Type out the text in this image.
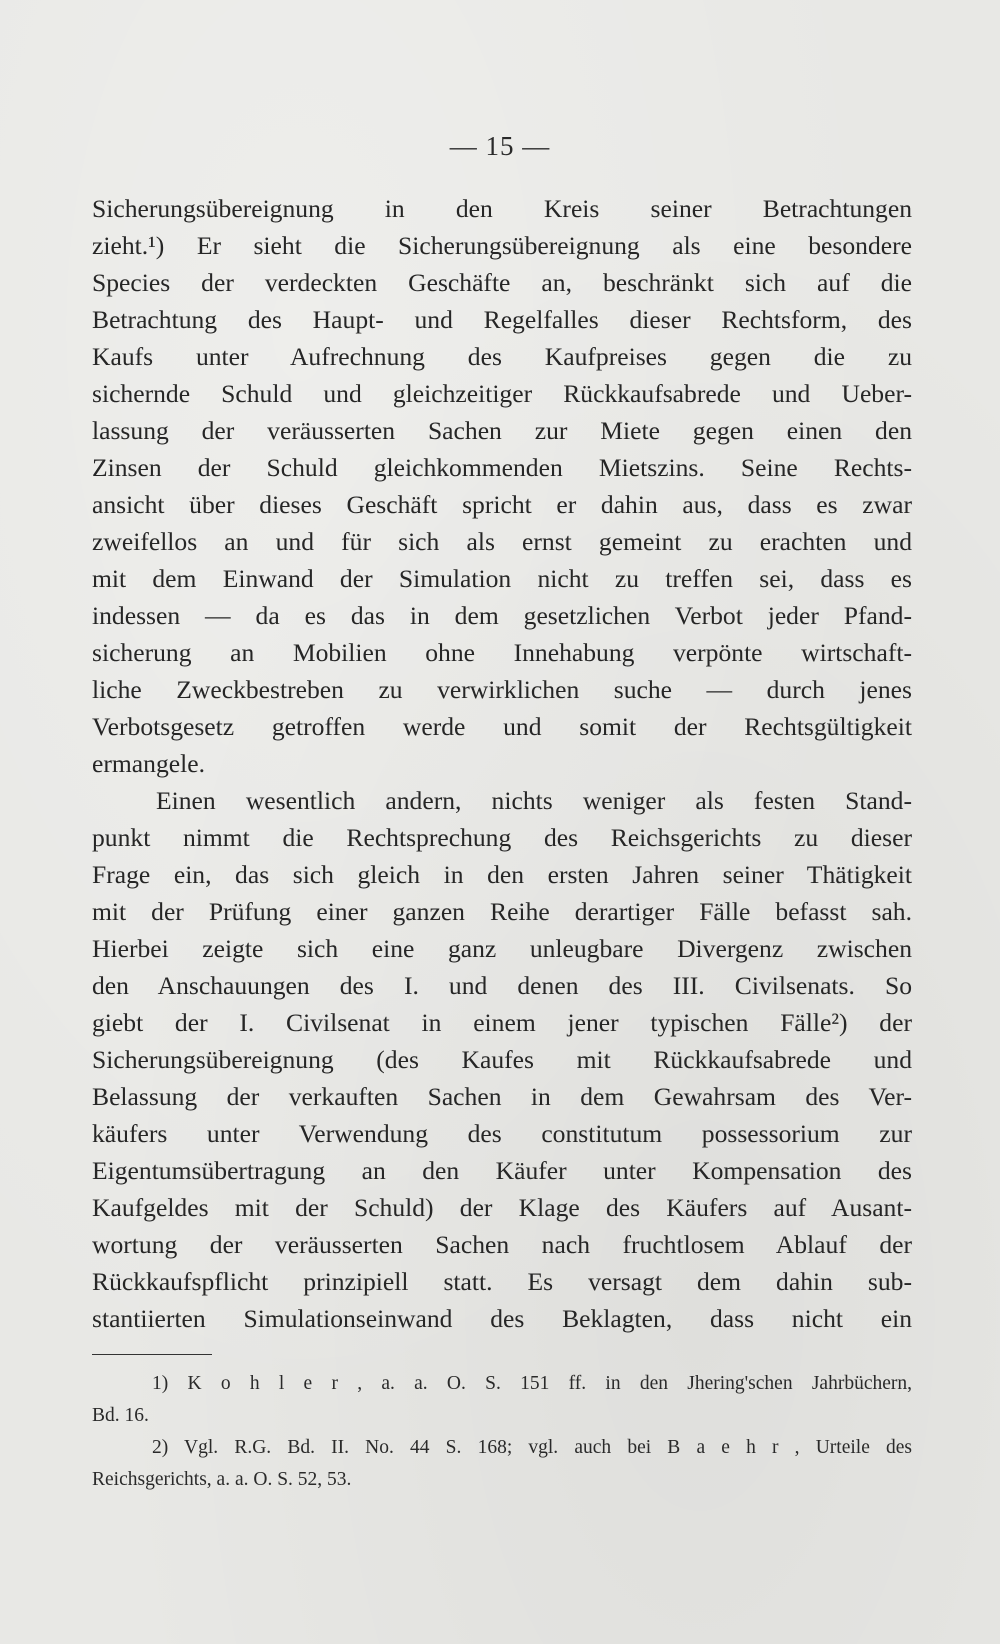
— 15 —
Sicherungsübereignung in den Kreis seiner Betrachtungen
zieht.¹) Er sieht die Sicherungsübereignung als eine besondere
Species der verdeckten Geschäfte an, beschränkt sich auf die
Betrachtung des Haupt- und Regelfalles dieser Rechtsform, des
Kaufs unter Aufrechnung des Kaufpreises gegen die zu
sichernde Schuld und gleichzeitiger Rückkaufsabrede und Ueber-
lassung der veräusserten Sachen zur Miete gegen einen den
Zinsen der Schuld gleichkommenden Mietszins. Seine Rechts-
ansicht über dieses Geschäft spricht er dahin aus, dass es zwar
zweifellos an und für sich als ernst gemeint zu erachten und
mit dem Einwand der Simulation nicht zu treffen sei, dass es
indessen — da es das in dem gesetzlichen Verbot jeder Pfand-
sicherung an Mobilien ohne Innehabung verpönte wirtschaft-
liche Zweckbestreben zu verwirklichen suche — durch jenes
Verbotsgesetz getroffen werde und somit der Rechtsgültigkeit
ermangele.
Einen wesentlich andern, nichts weniger als festen Stand-
punkt nimmt die Rechtsprechung des Reichsgerichts zu dieser
Frage ein, das sich gleich in den ersten Jahren seiner Thätigkeit
mit der Prüfung einer ganzen Reihe derartiger Fälle befasst sah.
Hierbei zeigte sich eine ganz unleugbare Divergenz zwischen
den Anschauungen des I. und denen des III. Civilsenats. So
giebt der I. Civilsenat in einem jener typischen Fälle²) der
Sicherungsübereignung (des Kaufes mit Rückkaufsabrede und
Belassung der verkauften Sachen in dem Gewahrsam des Ver-
käufers unter Verwendung des constitutum possessorium zur
Eigentumsübertragung an den Käufer unter Kompensation des
Kaufgeldes mit der Schuld) der Klage des Käufers auf Ausant-
wortung der veräusserten Sachen nach fruchtlosem Ablauf der
Rückkaufspflicht prinzipiell statt. Es versagt dem dahin sub-
stantiierten Simulationseinwand des Beklagten, dass nicht ein
1) K o h l e r , a. a. O. S. 151 ff. in den Jhering'schen Jahrbüchern,
Bd. 16.
2) Vgl. R.G. Bd. II. No. 44 S. 168; vgl. auch bei B a e h r , Urteile des
Reichsgerichts, a. a. O. S. 52, 53.
